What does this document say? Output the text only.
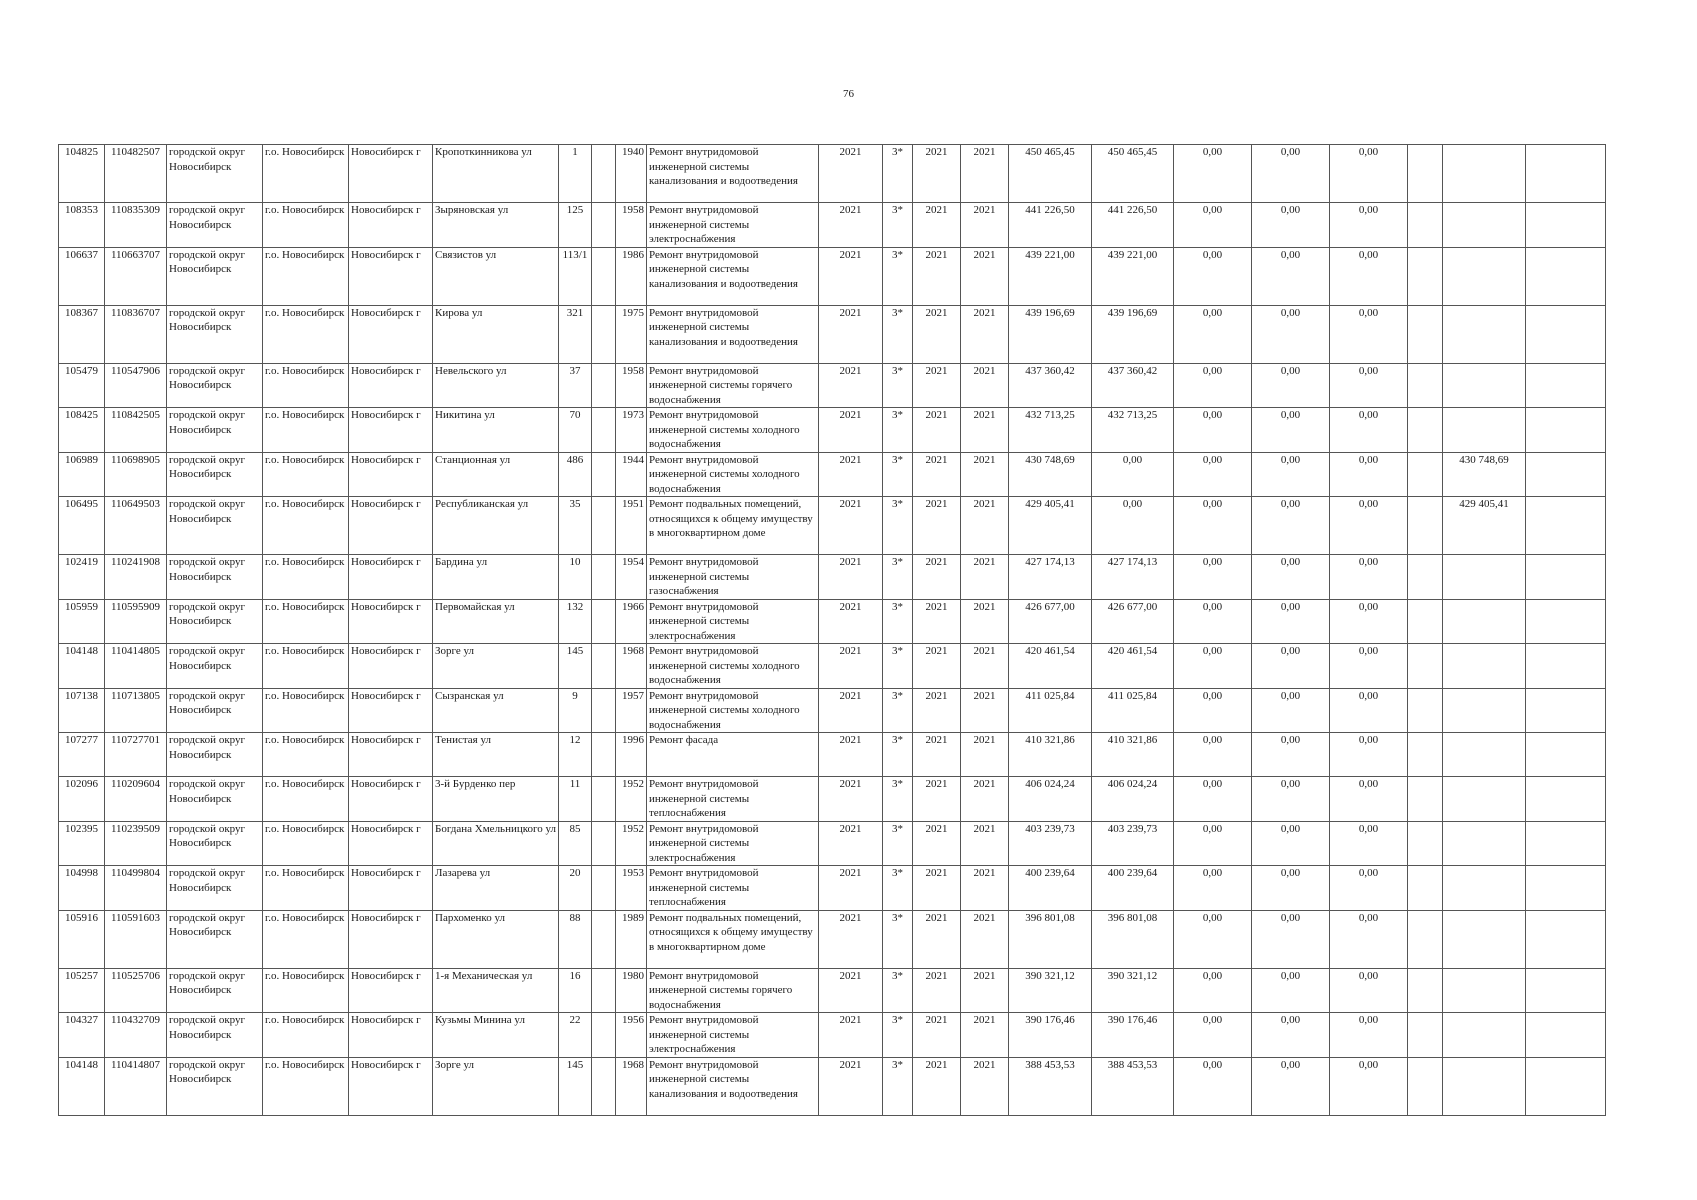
76
104825	110482507	городской округ Новосибирск	г.о. Новосибирск	Новосибирск г	Кропоткинникова ул	1		1940	Ремонт внутридомовой инженерной системы канализования и водоотведения	2021	3*	2021	2021	450 465,45	450 465,45	0,00	0,00	0,00			
108353	110835309	городской округ Новосибирск	г.о. Новосибирск	Новосибирск г	Зыряновская ул	125		1958	Ремонт внутридомовой инженерной системы электроснабжения	2021	3*	2021	2021	441 226,50	441 226,50	0,00	0,00	0,00			
106637	110663707	городской округ Новосибирск	г.о. Новосибирск	Новосибирск г	Связистов ул	113/1		1986	Ремонт внутридомовой инженерной системы канализования и водоотведения	2021	3*	2021	2021	439 221,00	439 221,00	0,00	0,00	0,00			
108367	110836707	городской округ Новосибирск	г.о. Новосибирск	Новосибирск г	Кирова ул	321		1975	Ремонт внутридомовой инженерной системы канализования и водоотведения	2021	3*	2021	2021	439 196,69	439 196,69	0,00	0,00	0,00			
105479	110547906	городской округ Новосибирск	г.о. Новосибирск	Новосибирск г	Невельского ул	37		1958	Ремонт внутридомовой инженерной системы горячего водоснабжения	2021	3*	2021	2021	437 360,42	437 360,42	0,00	0,00	0,00			
108425	110842505	городской округ Новосибирск	г.о. Новосибирск	Новосибирск г	Никитина ул	70		1973	Ремонт внутридомовой инженерной системы холодного водоснабжения	2021	3*	2021	2021	432 713,25	432 713,25	0,00	0,00	0,00			
106989	110698905	городской округ Новосибирск	г.о. Новосибирск	Новосибирск г	Станционная ул	486		1944	Ремонт внутридомовой инженерной системы холодного водоснабжения	2021	3*	2021	2021	430 748,69	0,00	0,00	0,00	0,00		430 748,69	
106495	110649503	городской округ Новосибирск	г.о. Новосибирск	Новосибирск г	Республиканская ул	35		1951	Ремонт подвальных помещений, относящихся к общему имуществу в многоквартирном доме	2021	3*	2021	2021	429 405,41	0,00	0,00	0,00	0,00		429 405,41	
102419	110241908	городской округ Новосибирск	г.о. Новосибирск	Новосибирск г	Бардина ул	10		1954	Ремонт внутридомовой инженерной системы газоснабжения	2021	3*	2021	2021	427 174,13	427 174,13	0,00	0,00	0,00			
105959	110595909	городской округ Новосибирск	г.о. Новосибирск	Новосибирск г	Первомайская ул	132		1966	Ремонт внутридомовой инженерной системы электроснабжения	2021	3*	2021	2021	426 677,00	426 677,00	0,00	0,00	0,00			
104148	110414805	городской округ Новосибирск	г.о. Новосибирск	Новосибирск г	Зорге ул	145		1968	Ремонт внутридомовой инженерной системы холодного водоснабжения	2021	3*	2021	2021	420 461,54	420 461,54	0,00	0,00	0,00			
107138	110713805	городской округ Новосибирск	г.о. Новосибирск	Новосибирск г	Сызранская ул	9		1957	Ремонт внутридомовой инженерной системы холодного водоснабжения	2021	3*	2021	2021	411 025,84	411 025,84	0,00	0,00	0,00			
107277	110727701	городской округ Новосибирск	г.о. Новосибирск	Новосибирск г	Тенистая ул	12		1996	Ремонт фасада	2021	3*	2021	2021	410 321,86	410 321,86	0,00	0,00	0,00			
102096	110209604	городской округ Новосибирск	г.о. Новосибирск	Новосибирск г	3-й Бурденко пер	11		1952	Ремонт внутридомовой инженерной системы теплоснабжения	2021	3*	2021	2021	406 024,24	406 024,24	0,00	0,00	0,00			
102395	110239509	городской округ Новосибирск	г.о. Новосибирск	Новосибирск г	Богдана Хмельницкого ул	85		1952	Ремонт внутридомовой инженерной системы электроснабжения	2021	3*	2021	2021	403 239,73	403 239,73	0,00	0,00	0,00			
104998	110499804	городской округ Новосибирск	г.о. Новосибирск	Новосибирск г	Лазарева ул	20		1953	Ремонт внутридомовой инженерной системы теплоснабжения	2021	3*	2021	2021	400 239,64	400 239,64	0,00	0,00	0,00			
105916	110591603	городской округ Новосибирск	г.о. Новосибирск	Новосибирск г	Пархоменко ул	88		1989	Ремонт подвальных помещений, относящихся к общему имуществу в многоквартирном доме	2021	3*	2021	2021	396 801,08	396 801,08	0,00	0,00	0,00			
105257	110525706	городской округ Новосибирск	г.о. Новосибирск	Новосибирск г	1-я Механическая ул	16		1980	Ремонт внутридомовой инженерной системы горячего водоснабжения	2021	3*	2021	2021	390 321,12	390 321,12	0,00	0,00	0,00			
104327	110432709	городской округ Новосибирск	г.о. Новосибирск	Новосибирск г	Кузьмы Минина ул	22		1956	Ремонт внутридомовой инженерной системы электроснабжения	2021	3*	2021	2021	390 176,46	390 176,46	0,00	0,00	0,00			
104148	110414807	городской округ Новосибирск	г.о. Новосибирск	Новосибирск г	Зорге ул	145		1968	Ремонт внутридомовой инженерной системы канализования и водоотведения	2021	3*	2021	2021	388 453,53	388 453,53	0,00	0,00	0,00			
